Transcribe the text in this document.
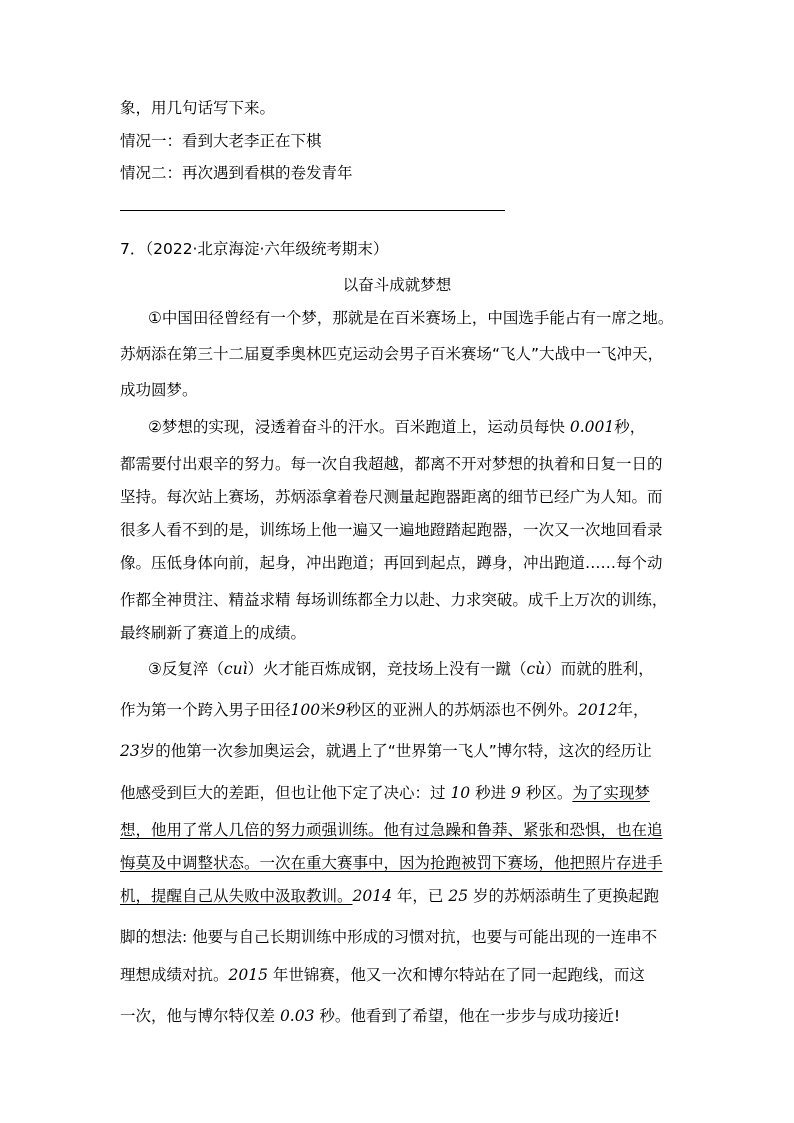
象，用几句话写下来。
情况一：看到大老李正在下棋
情况二：再次遇到看棋的卷发青年
7．（2022·北京海淀·六年级统考期末）
以奋斗成就梦想
①中国田径曾经有一个梦，那就是在百米赛场上，中国选手能占有一席之地。
苏炳添在第三十二届夏季奥林匹克运动会男子百米赛场“飞人”大战中一飞冲天，
成功圆梦。
②梦想的实现，浸透着奋斗的汗水。百米跑道上，运动员每快 0.001秒，
都需要付出艰辛的努力。每一次自我超越，都离不开对梦想的执着和日复一日的
坚持。每次站上赛场，苏炳添拿着卷尺测量起跑器距离的细节已经广为人知。而
很多人看不到的是，训练场上他一遍又一遍地蹬踏起跑器，一次又一次地回看录
像。压低身体向前，起身，冲出跑道；再回到起点，蹲身，冲出跑道……每个动
作都全神贯注、精益求精 每场训练都全力以赴、力求突破。成千上万次的训练，
最终刷新了赛道上的成绩。
③反复淬（cuì）火才能百炼成钢，竞技场上没有一蹴（cù）而就的胜利，
作为第一个跨入男子田径100米9秒区的亚洲人的苏炳添也不例外。2012年，
23岁的他第一次参加奥运会，就遇上了“世界第一飞人”博尔特，这次的经历让
他感受到巨大的差距，但也让他下定了决心：过 10 秒进 9 秒区。为了实现梦
想，他用了常人几倍的努力顽强训练。他有过急躁和鲁莽、紧张和恐惧，也在追
悔莫及中调整状态。一次在重大赛事中，因为抢跑被罚下赛场，他把照片存进手
机，提醒自己从失败中汲取教训。2014 年，已 25 岁的苏炳添萌生了更换起跑
脚的想法: 他要与自己长期训练中形成的习惯对抗，也要与可能出现的一连串不
理想成绩对抗。2015 年世锦赛，他又一次和博尔特站在了同一起跑线，而这
一次，他与博尔特仅差 0.03 秒。他看到了希望，他在一步步与成功接近!
